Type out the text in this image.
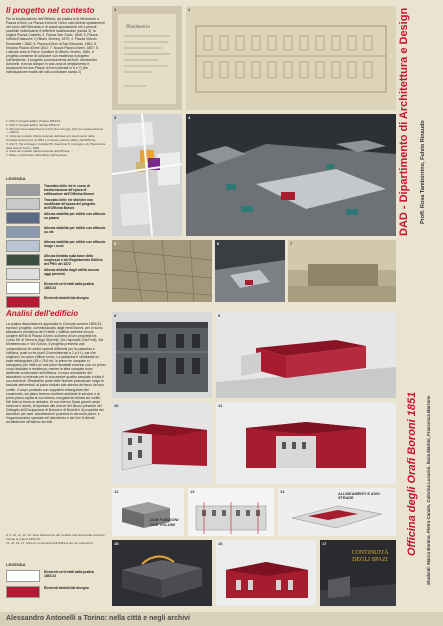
Il progetto nel contesto
Per la localizzazione dell'Officina, da pratica si fa riferimento a Piazza d'Armi. La Piazza d'armi di Torino subì diversi spostamenti nel corso dell'Ottocento e di questi spostamenti nel 4 periodi possibile individuarne 8 differenti localizzazioni (tavola 3): la origina Piazza Castello; 2. Piazza San Carlo, 1846; 3. Piazza Vittorio Emanuele I (Vittorio Veneto), 1879; 4. Piazza Vittorio Emanuele I 1862; 5. Piazza d'Armi di San Secondo, 1851; 6. Vecchia Piazza d'Armi 1842; 7. Nuova Piazza d'armi, 1857; 8. L'attuale area di Parco Cavalieri di Vittorio Veneto, 1884. Il progetto consente di collocare con esattezza il progetto sull'ambiente. Il progetto cominciamento all'Arch. Alessandro Antonelli, si trova dunque in una zona di ampliamento e transizione tra due Piazze d'Armi (ubicate in 6 e 7) (fra individuazione esatta del lotto consultare tavola 2)
1. ASCT, Progetti Edilizi, Pratica 1851/13.
2. ASCT, Progetti Edilizi, Tavola 1851/13.
3. Ricostruzione della Piazza d'Armi fino ad oggi, GIS con evidenziazione ... edificio.
4. Vista del modello tridimensionale dell'area con inserimento della simulata costruzione di 1851 e rimanere piazza edificio dell'Officina.
5. ASCT, Tipi e Disegni, Cartella 59, Fascicolo 6, Immagine 10, Planimetria della città di Torino, 1840.
6. Vista del modello tridimensionale dell'Officina ... .
7. Bilder e particolare dell'edificio dell'ingresso.
LEGENDA
Tracciato delle vie in corso di trasformazione all'epoca di edificazione dell'Officina Boroni
Tracciato delle vie storiche non modificate all'epoca del progetto dell'Officina Boroni
Altezza stabilita per edifici con affaccio su piazza
Altezza stabilita per edifici con affaccio su via
Altezza stabilita per edifici con affaccio lungo i corsi
Altezza limitata sulla base della lunghezza e del Regolamento Edilizio del PRG del 1872
Altezza dedotta dagli edifici ancora oggi presenti
Elementi certi tratti dalla pratica 1851/13
Elementi dedotti dal disegno
Analisi dell'edificio
La pratica depositata ed approvata in Comune numero 1851/13, riporta il progetto, commissionato dagli eredi Boroni, per il nuovo laboratorio-residenza dei Fratelli. L'edificio sarebbe dovuto sorgere all'Est di Piazza d'Armi, sull'area di loro proprietà tra Corso Re di Genova (Ugo Sforzini), Via Ospedale (Via Porli), Via Montenevoso e Via Govolo. Il progetto presenta una composizione di volumi speciali differenti per la palazzina e l'officina, posti su tre piani (3 seminterrato e 2 p.f.t.), ma che originano un corpo edilizio unico. La palazzina è strutturata su base rettangolare (35 x 29,6 m): le prime tre campate si sviluppano per intero su due piani riscaldati creando così un primo corpo dedicato a residenza, mentre le altre campate sono destinate ai laboratori dell'officina. Il corpo retrostante del laboratorio si estende per le successive quattro campate a tutta il suo anteriore. Rimanente parte delle finestre posizionate lungo le facciate perimetrali, al piano rialzato tale altezza del terzo del suo cortile. Il corpo porticato con soppalchi rettangolare ben conservato, sul piano terreno contiene ambienti di servizio e al primo piano ospita al suo interno una galleria vetrata sul cortile. Nel tetto si trova un abbaino. Al suo interno Spazi grandi, ampi, luminosi e arredi, di riportare alle riserve del lavoro presente nel Dettaglio dell'Ocupazione di Borioni e di Bonetti e di proprietà dei lavoratori per aver. Ascoltando le posizioni in secondo piano, e l'organizzazione speciale del laboratorio e dei loro 8 rilevati architettonici all'interno dei lotti.
8, 9, 10, 11, 12, 13. Viste dell'esterno del modello tridimensionale costruito tramite la pratica 1851/13.
14, 15, 16, 17. Schemi compositivi dell'Officina per usi volumetrici.
LEGENDA
Elementi certi tratti dalla pratica 1851/13
Elementi dedotti dal disegno
1
Planimetria
2
3	4
5	6	7
8	9
10	11
12
DUE FUNZIONI DUE VOLUMI
13	14	ALLINEAMENTI E ASSI STRADE
15	16	17
CONTINUITÀ DEGLI SPAZI
DAD - Dipartimento di Architettura e Design Proff. Rosa Tamborrino, Fulvio Rinaudo
Officina degli Orafi Boroni 1851 Studenti: Marco Bonino, Pietro Canale, Caterina Lucarini, Ilaria Martini, Francesca Marrone
Alessandro Antonelli a Torino: nella città e negli archivi
